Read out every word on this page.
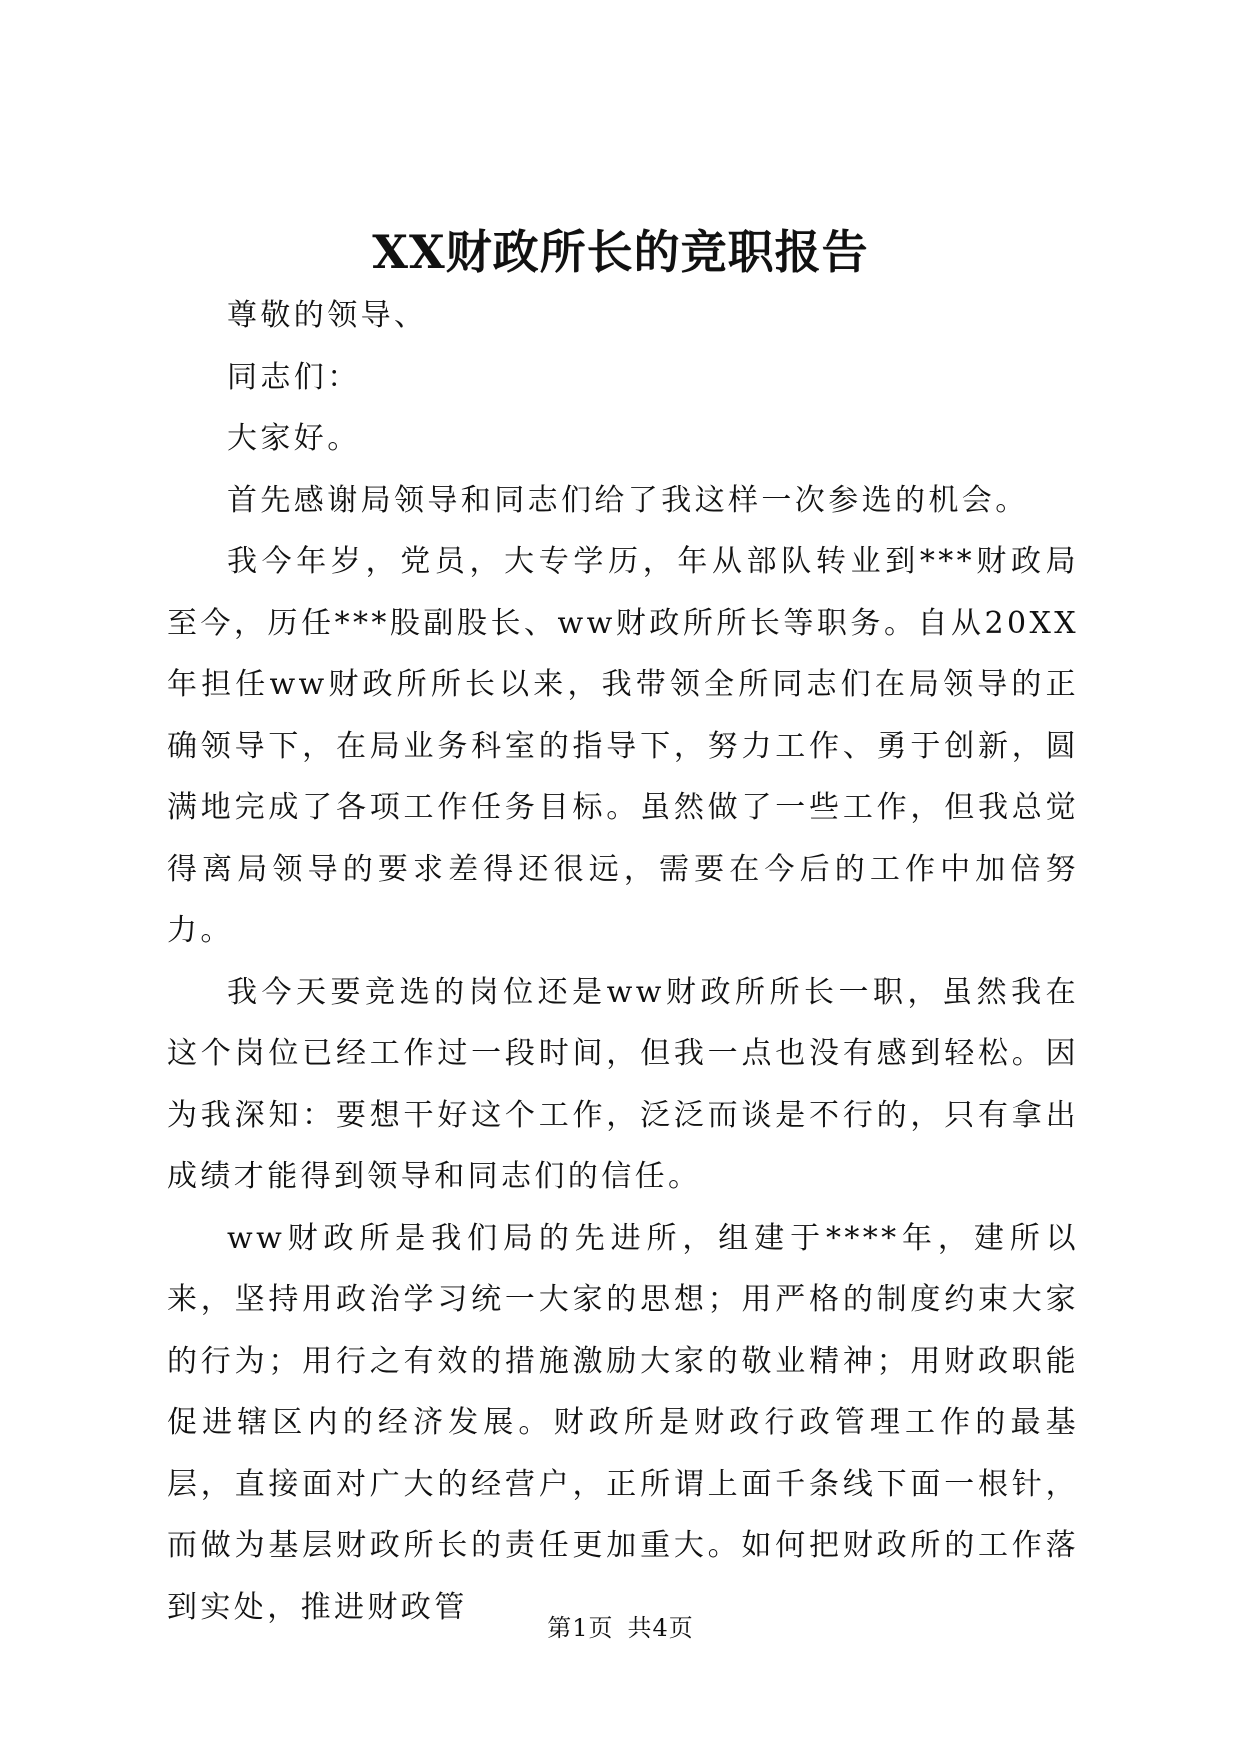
XX财政所长的竞职报告

尊敬的领导、

同志们：

大家好。

首先感谢局领导和同志们给了我这样一次参选的机会。

我今年岁，党员，大专学历，年从部队转业到***财政局至今，历任***股副股长、ww财政所所长等职务。自从20XX年担任ww财政所所长以来，我带领全所同志们在局领导的正确领导下，在局业务科室的指导下，努力工作、勇于创新，圆满地完成了各项工作任务目标。虽然做了一些工作，但我总觉得离局领导的要求差得还很远，需要在今后的工作中加倍努力。

我今天要竞选的岗位还是ww财政所所长一职，虽然我在这个岗位已经工作过一段时间，但我一点也没有感到轻松。因为我深知：要想干好这个工作，泛泛而谈是不行的，只有拿出成绩才能得到领导和同志们的信任。

ww财政所是我们局的先进所，组建于****年，建所以来，坚持用政治学习统一大家的思想；用严格的制度约束大家的行为；用行之有效的措施激励大家的敬业精神；用财政职能促进辖区内的经济发展。财政所是财政行政管理工作的最基层，直接面对广大的经营户，正所谓上面千条线下面一根针，而做为基层财政所长的责任更加重大。如何把财政所的工作落到实处，推进财政管

第1页 共4页
